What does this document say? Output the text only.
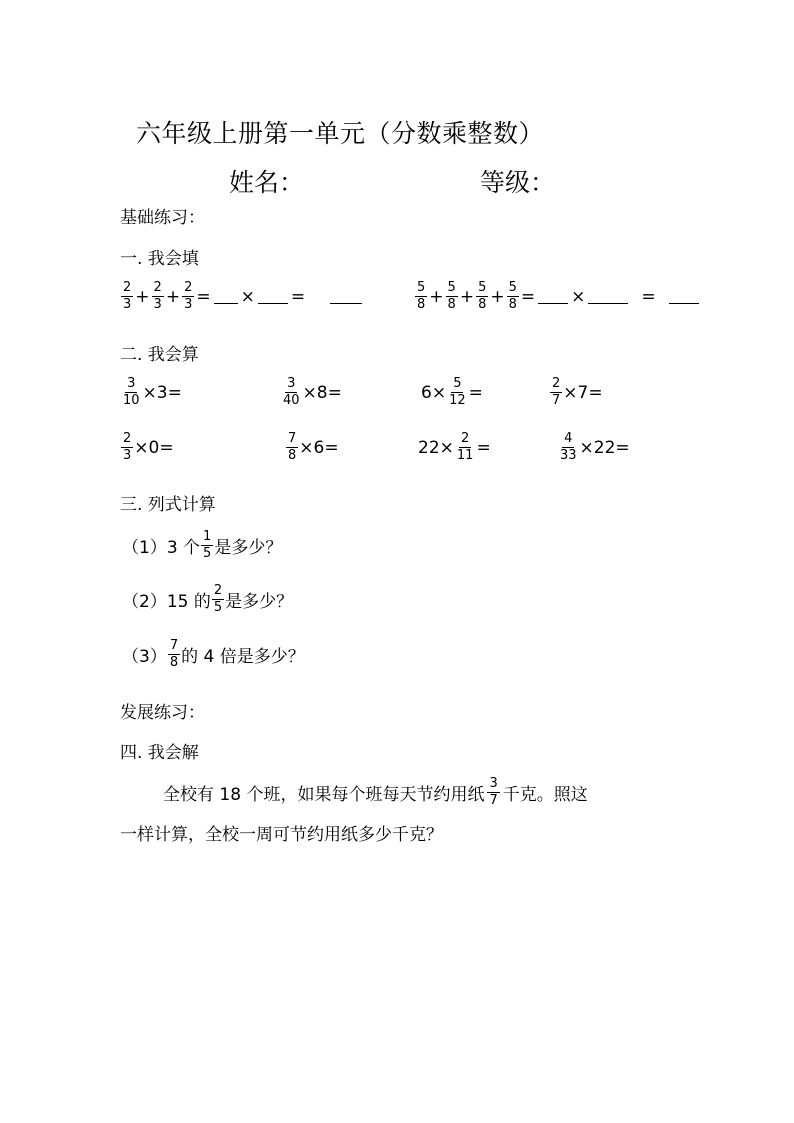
六年级上册第一单元（分数乘整数）
姓名：	等级：
基础练习：
一. 我会填
$\frac{2}{3} + \frac{2}{3} + \frac{2}{3}$ = × =	$\frac{5}{8} + \frac{5}{8} + \frac{5}{8} + \frac{5}{8}$ = ×	=
二. 我会算
$\frac{3}{10} \times 3=$	$\frac{3}{40} \times 8=$	$6\times \frac{5}{12}$ =	$\frac{2}{7} \times 7=$
$\frac{2}{3} \times 0=$	$\frac{7}{8} \times 6=$	$22\times \frac{2}{11}$ =	$\frac{4}{33} \times 22=$
三. 列式计算
（1）3 个 $\frac{1}{5}$ 是多少？
（2）15 的 $\frac{2}{5}$ 是多少？
$(3) \frac{7}{8}$ 的 4 倍是多少？
发展练习：
四. 我会解
全校有 18 个班，如果每个班每天节约用纸 $\frac{3}{7}$ 千克。照这
一样计算，全校一周可节约用纸多少千克？
